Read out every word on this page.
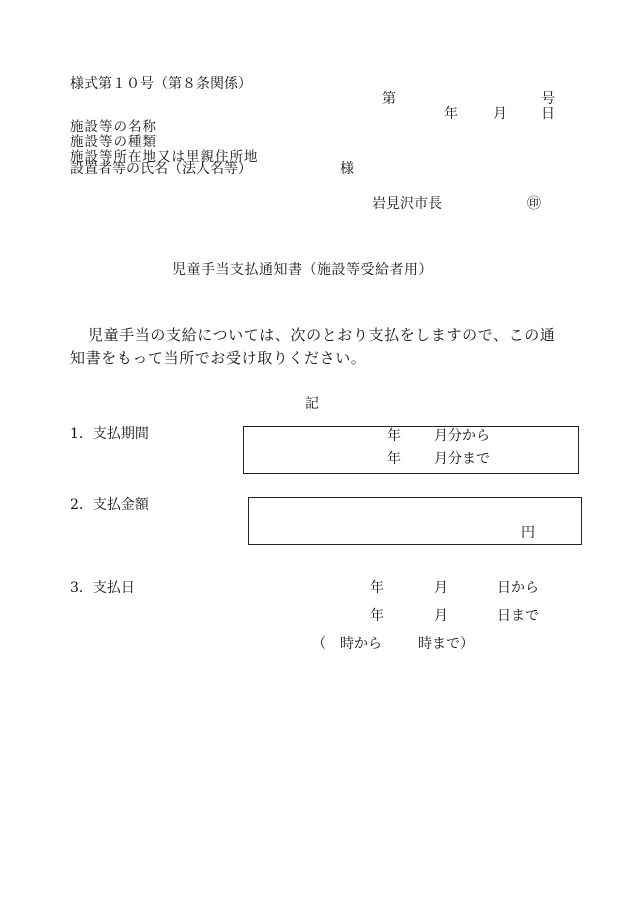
様式第１０号（第８条関係）
第	号
年	月 日
施設等の名称
施設等の種類
施設等所在地又は里親住所地
設置者等の氏名（法人名等）	様
岩見沢市長	㊞
児童手当支払通知書（施設等受給者用）
児童手当の支給については、次のとおり支払をしますので、この通
知書をもって当所でお受け取りください。
記
1．支払期間	年 月分から
年 月分まで
2．支払金額
円
3．支払日	年	月	日から
年	月	日まで
（ 時から	時まで）
